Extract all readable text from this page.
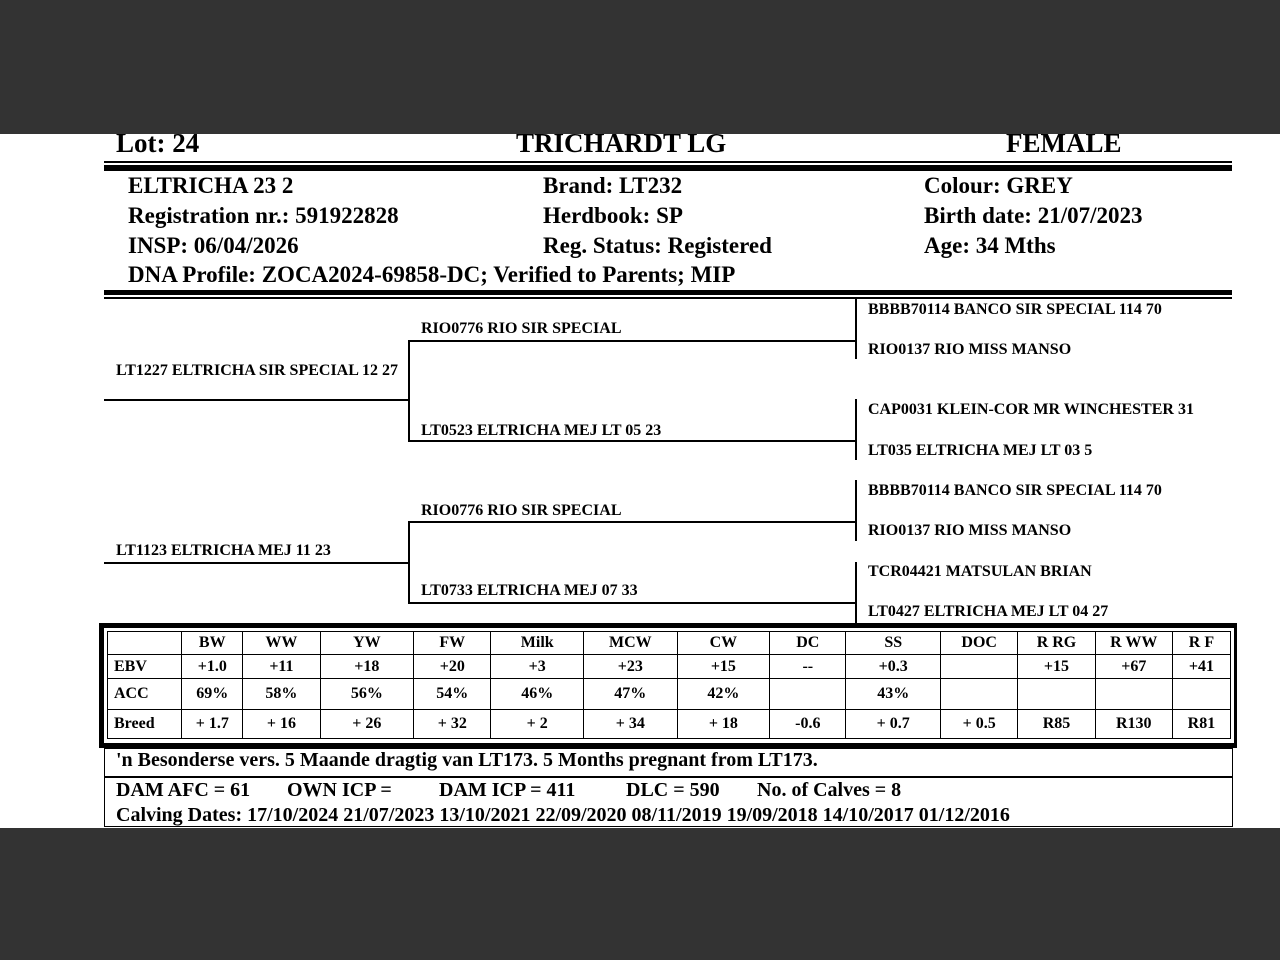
Lot: 24	TRICHARDT LG	FEMALE
ELTRICHA 23 2
Registration nr.: 591922828
INSP: 06/04/2026
DNA Profile: ZOCA2024-69858-DC; Verified to Parents; MIP
Brand: LT232
Herdbook: SP
Reg. Status: Registered
Colour: GREY
Birth date: 21/07/2023
Age: 34 Mths
LT1227 ELTRICHA SIR SPECIAL 12 27
LT1123 ELTRICHA MEJ 11 23
RIO0776 RIO SIR SPECIAL
LT0523 ELTRICHA MEJ LT 05 23
RIO0776 RIO SIR SPECIAL
LT0733 ELTRICHA MEJ 07 33
BBBB70114 BANCO SIR SPECIAL 114 70
RIO0137 RIO MISS MANSO
CAP0031 KLEIN-COR MR WINCHESTER 31
LT035 ELTRICHA MEJ LT 03 5
BBBB70114 BANCO SIR SPECIAL 114 70
RIO0137 RIO MISS MANSO
TCR04421 MATSULAN BRIAN
LT0427 ELTRICHA MEJ LT 04 27
	BW	WW	YW	FW	Milk	MCW	CW	DC	SS	DOC	R RG	R WW	R F
EBV	+1.0	+11	+18	+20	+3	+23	+15	--	+0.3		+15	+67	+41
ACC	69%	58%	56%	54%	46%	47%	42%		43%				
Breed	+ 1.7	+ 16	+ 26	+ 32	+ 2	+ 34	+ 18	-0.6	+ 0.7	+ 0.5	R85	R130	R81
'n Besonderse vers. 5 Maande dragtig van LT173. 5 Months pregnant from LT173.
DAM AFC = 61 OWN ICP = DAM ICP = 411	DLC = 590 No. of Calves = 8
Calving Dates: 17/10/2024 21/07/2023 13/10/2021 22/09/2020 08/11/2019 19/09/2018 14/10/2017 01/12/2016
